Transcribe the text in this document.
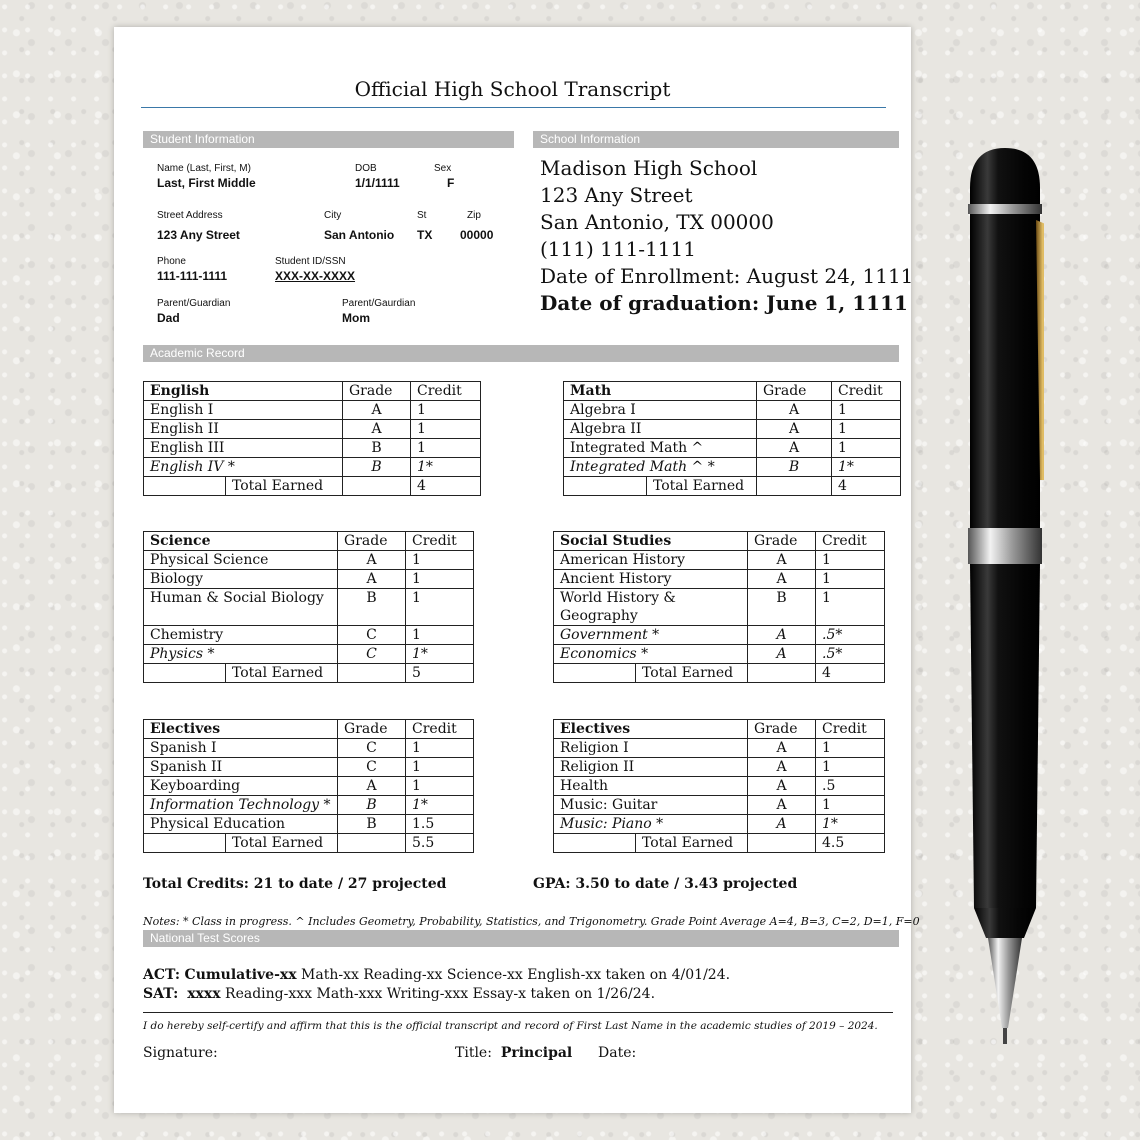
Official High School Transcript
Student Information	School Information
Name (Last, First, M)
Last, First Middle
DOB
1/1/1111
Sex
F
Street Address
123 Any Street
City
San Antonio
St
TX
Zip
00000
Phone
111-111-1111
Student ID/SSN
XXX-XX-XXXX
Parent/Guardian
Dad
Parent/Gaurdian
Mom
Madison High School
123 Any Street
San Antonio, TX 00000
(111) 111-1111
Date of Enrollment: August 24, 1111
Date of graduation: June 1, 1111
Academic Record
English		Grade	Credit
English I		A	1
English II		A	1
English III		B	1
English IV *		B	1*
	Total Earned		4
Math		Grade	Credit
Algebra I		A	1
Algebra II		A	1
Integrated Math ^		A	1
Integrated Math ^ *		B	1*
	Total Earned		4
Science		Grade	Credit
Physical Science		A	1
Biology		A	1
Human & Social Biology		B	1
Chemistry		C	1
Physics *		C	1*
	Total Earned		5
Social Studies		Grade	Credit
American History		A	1
Ancient History		A	1
World History & Geography		B	1
Government *		A	.5*
Economics *		A	.5*
	Total Earned		4
Electives		Grade	Credit
Spanish I		C	1
Spanish II		C	1
Keyboarding		A	1
Information Technology *		B	1*
Physical Education		B	1.5
	Total Earned		5.5
Electives		Grade	Credit
Religion I		A	1
Religion II		A	1
Health		A	.5
Music: Guitar		A	1
Music: Piano *		A	1*
	Total Earned		4.5
Total Credits: 21 to date / 27 projected	GPA: 3.50 to date / 3.43 projected
Notes: * Class in progress. ^ Includes Geometry, Probability, Statistics, and Trigonometry. Grade Point Average A=4, B=3, C=2, D=1, F=0
National Test Scores
ACT: Cumulative-xx Math-xx Reading-xx Science-xx English-xx taken on 4/01/24.
SAT: xxxx Reading-xxx Math-xxx Writing-xxx Essay-x taken on 1/26/24.
I do hereby self-certify and affirm that this is the official transcript and record of First Last Name in the academic studies of 2019 – 2024.
Signature:	Title: Principal Date:
